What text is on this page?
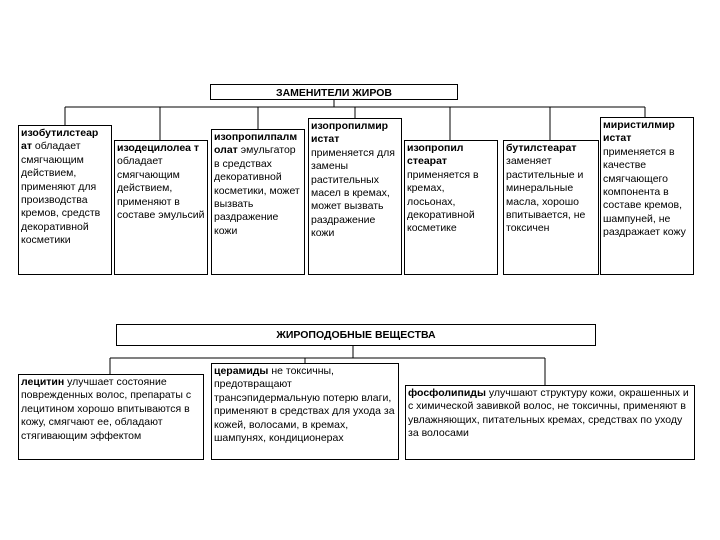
ЗАМЕНИТЕЛИ ЖИРОВ
изобутилстеар ат обладает смягчающим действием, применяют для производства кремов, средств декоративной косметики
изодецилолеа т обладает смягчающим действием, применяют в составе эмульсий
изопропилпалм олат эмульгатор в средствах декоративной косметики, может вызвать раздражение кожи
изопропилмир истат применяется для замены растительных масел в кремах, может вызвать раздражение кожи
изопропил стеарат применяется в кремах, лосьонах, декоративной косметике
бутилстеарат заменяет растительные и минеральные масла, хорошо впитывается, не токсичен
миристилмир истат применяется в качестве смягчающего компонента в составе кремов, шампуней, не раздражает кожу
ЖИРОПОДОБНЫЕ ВЕЩЕСТВА
лецитин улучшает состояние поврежденных волос, препараты с лецитином хорошо впитываются в кожу, смягчают ее, обладают стягивающим эффектом
церамиды не токсичны, предотвращают трансэпидермальную потерю влаги, применяют в средствах для ухода за кожей, волосами, в кремах, шампунях, кондиционерах
фосфолипиды улучшают структуру кожи, окрашенных и с химической завивкой волос, не токсичны, применяют в увлажняющих, питательных кремах, средствах по уходу за волосами
